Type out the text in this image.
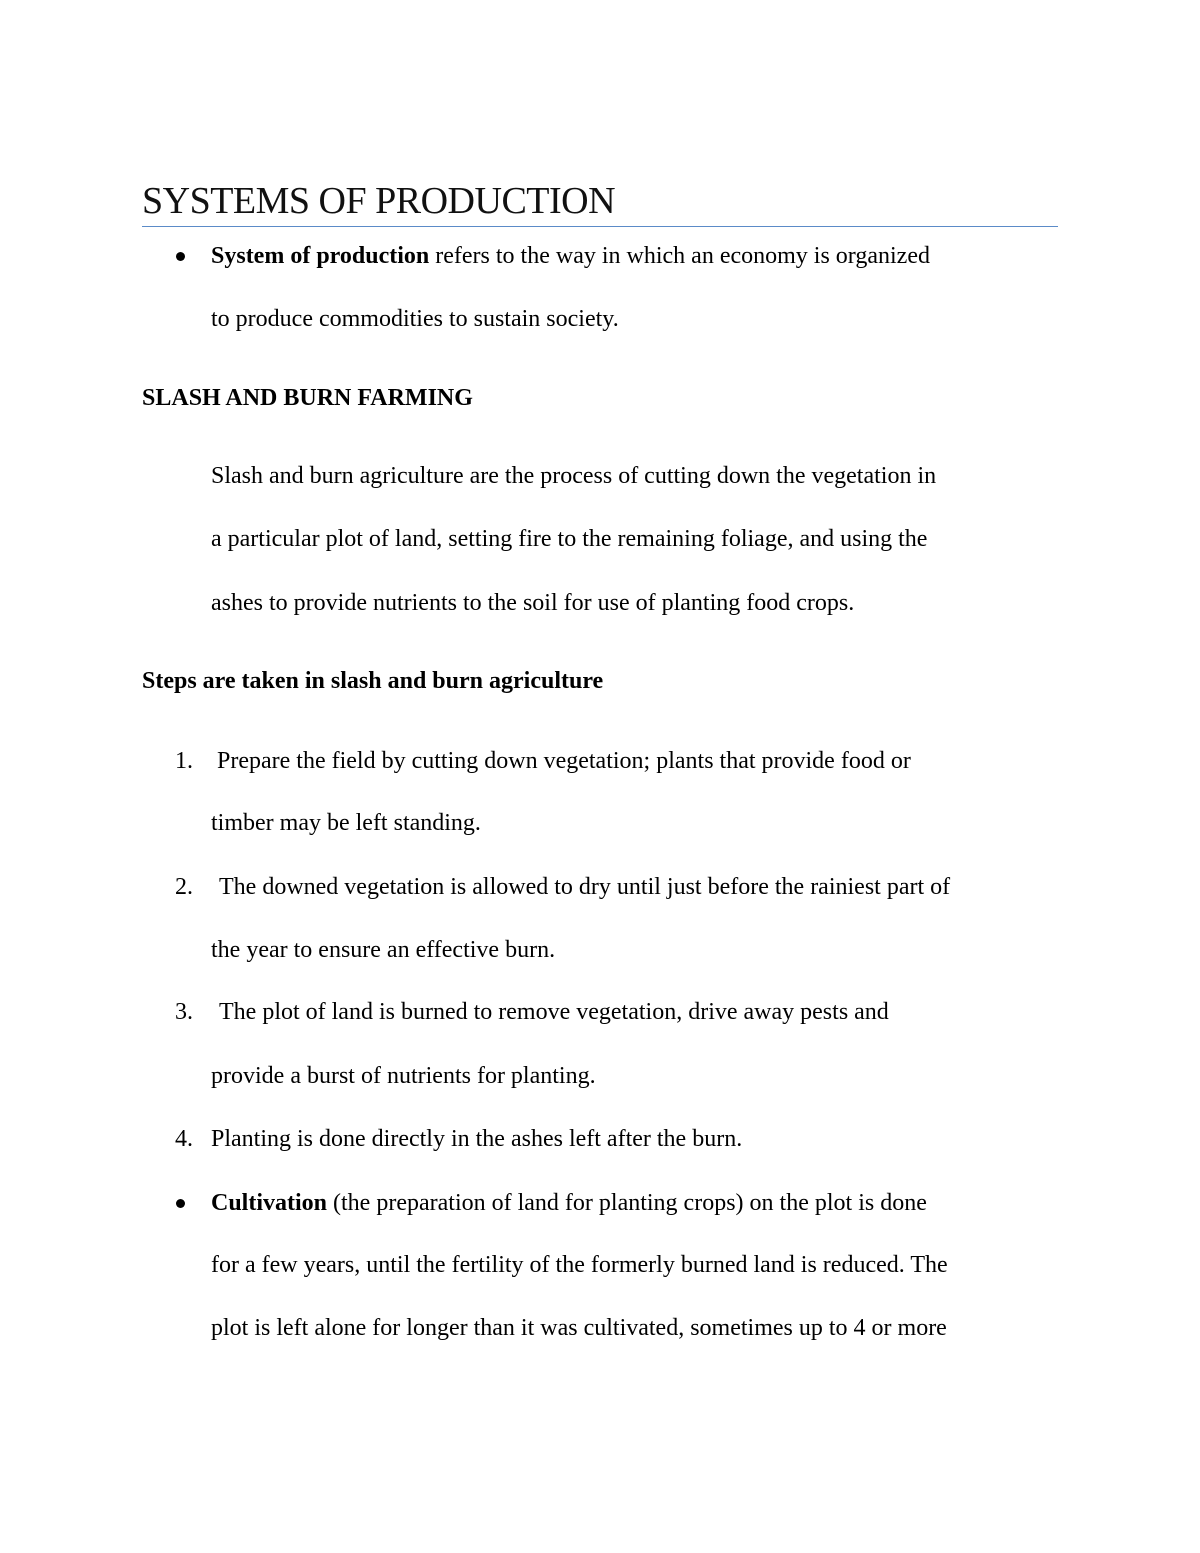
SYSTEMS OF PRODUCTION
System of production refers to the way in which an economy is organized
to produce commodities to sustain society.
SLASH AND BURN FARMING
Slash and burn agriculture are the process of cutting down the vegetation in
a particular plot of land, setting fire to the remaining foliage, and using the
ashes to provide nutrients to the soil for use of planting food crops.
Steps are taken in slash and burn agriculture
1. Prepare the field by cutting down vegetation; plants that provide food or
timber may be left standing.
2. The downed vegetation is allowed to dry until just before the rainiest part of
the year to ensure an effective burn.
3. The plot of land is burned to remove vegetation, drive away pests and
provide a burst of nutrients for planting.
4. Planting is done directly in the ashes left after the burn.
Cultivation (the preparation of land for planting crops) on the plot is done
for a few years, until the fertility of the formerly burned land is reduced. The
plot is left alone for longer than it was cultivated, sometimes up to 4 or more
